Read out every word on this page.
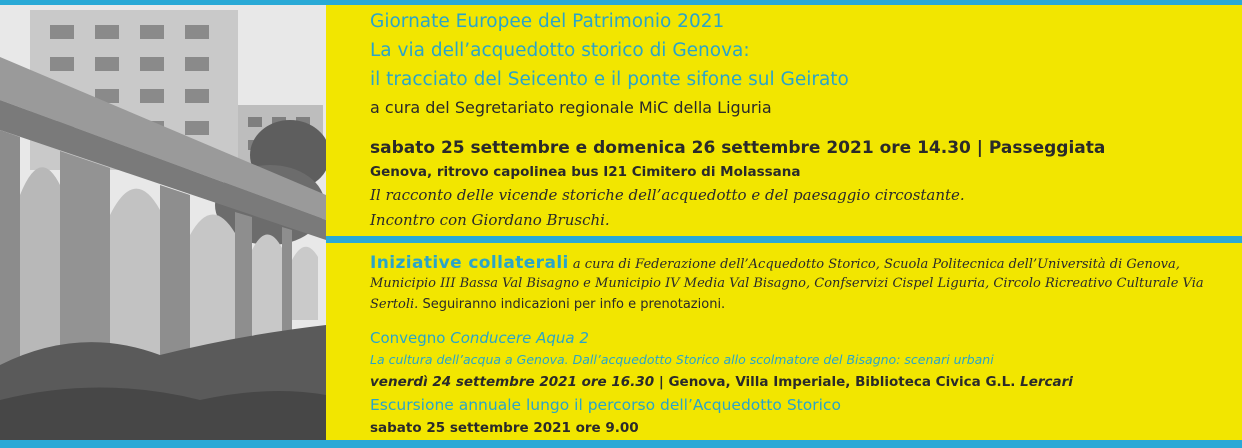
Giornate Europee del Patrimonio 2021

La via dell’acquedotto storico di Genova:

il tracciato del Seicento e il ponte sifone sul Geirato

a cura del Segretariato regionale MiC della Liguria

sabato 25 settembre e domenica 26 settembre 2021 ore 14.30 | Passeggiata

Genova, ritrovo capolinea bus I21 Cimitero di Molassana

Il racconto delle vicende storiche dell’acquedotto e del paesaggio circostante.

Incontro con Giordano Bruschi.

Iniziative collaterali a cura di Federazione dell’Acquedotto Storico, Scuola Politecnica dell’Università di Genova,

Municipio III Bassa Val Bisagno e Municipio IV Media Val Bisagno, Confservizi Cispel Liguria, Circolo Ricreativo Culturale Via

Sertoli. Seguiranno indicazioni per info e prenotazioni.

Convegno Conducere Aqua 2

La cultura dell’acqua a Genova. Dall’acquedotto Storico allo scolmatore del Bisagno: scenari urbani

venerdì 24 settembre 2021 ore 16.30 | Genova, Villa Imperiale, Biblioteca Civica G.L. Lercari

Escursione annuale lungo il percorso dell’Acquedotto Storico

sabato 25 settembre 2021 ore 9.00
